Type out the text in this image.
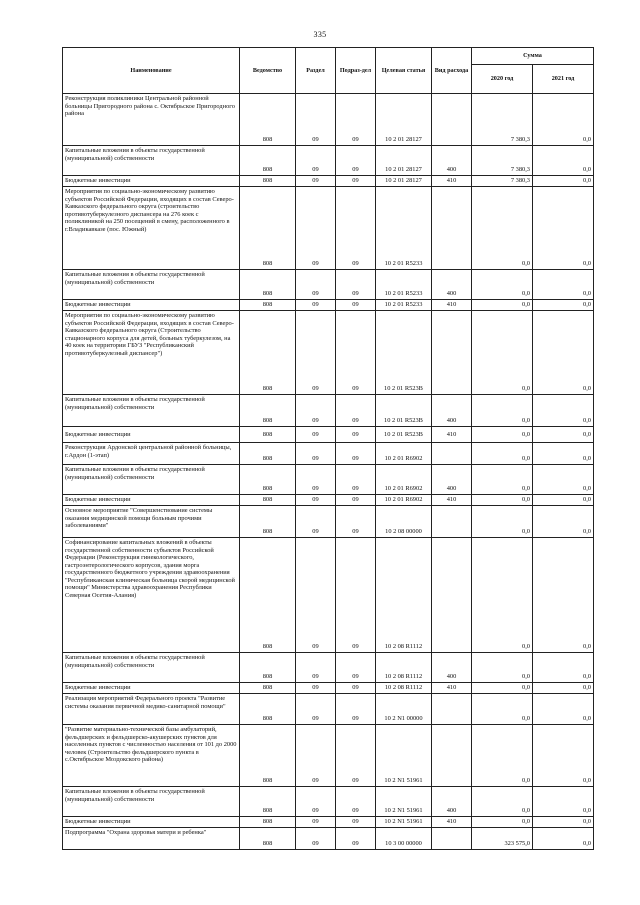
335
Наименование	Ведомство	Раздел	Подраз-дел	Целевая статья	Вид расхода	Сумма	
						2020 год	2021 год
Реконструкция поликлиники Центральной районной больницы Пригородного района с. Октябрьское Пригородного района	808	09	09	10 2 01 28127		7 380,3	0,0
Капитальные вложения в объекты государственной (муниципальной) собственности	808	09	09	10 2 01 28127	400	7 380,3	0,0
Бюджетные инвестиции	808	09	09	10 2 01 28127	410	7 380,3	0,0
Мероприятия по социально-экономическому развитию субъектов Российской Федерации, входящих в состав Северо-Кавказского федерального округа (строительство противотуберкулезного диспансера на 276 коек с поликлиникой на 250 посещений в смену, расположенного в г.Владикавказе (пос. Южный)	808	09	09	10 2 01 R5233		0,0	0,0
Капитальные вложения в объекты государственной (муниципальной) собственности	808	09	09	10 2 01 R5233	400	0,0	0,0
Бюджетные инвестиции	808	09	09	10 2 01 R5233	410	0,0	0,0
Мероприятия по социально-экономическому развитию субъектов Российской Федерации, входящих в состав Северо-Кавказского федерального округа (Строительство стационарного корпуса для детей, больных туберкулезом, на 40 коек на территории ГБУЗ "Республиканский противотуберкулезный диспансер")	808	09	09	10 2 01 R523В		0,0	0,0
Капитальные вложения в объекты государственной (муниципальной) собственности	808	09	09	10 2 01 R523В	400	0,0	0,0
Бюджетные инвестиции	808	09	09	10 2 01 R523В	410	0,0	0,0
Реконструкция Ардонской центральной районной больницы, г.Ардон (1-этап)	808	09	09	10 2 01 R6902		0,0	0,0
Капитальные вложения в объекты государственной (муниципальной) собственности	808	09	09	10 2 01 R6902	400	0,0	0,0
Бюджетные инвестиции	808	09	09	10 2 01 R6902	410	0,0	0,0
Основное мероприятие "Совершенствование системы оказания медицинской помощи больным прочими заболеваниями"	808	09	09	10 2 08 00000		0,0	0,0
Софинансирование капитальных вложений в объекты государственной собственности субъектов Российской Федерации (Реконструкция гинекологического, гастроэнтерологического корпусов, здания морга государственного бюджетного учреждения здравоохранения "Республиканская клиническая больница скорой медицинской помощи" Министерства здравоохранения Республики Северная Осетия-Алания)	808	09	09	10 2 08 R1112		0,0	0,0
Капитальные вложения в объекты государственной (муниципальной) собственности	808	09	09	10 2 08 R1112	400	0,0	0,0
Бюджетные инвестиции	808	09	09	10 2 08 R1112	410	0,0	0,0
Реализация мероприятий Федерального проекта "Развитие системы оказания первичной медико-санитарной помощи"	808	09	09	10 2 N1 00000		0,0	0,0
"Развитие материально-технической базы амбулаторий, фельдшерских и фельдшерско-акушерских пунктов для населенных пунктов с численностью населения от 101 до 2000 человек (Строительство фельдшерского пункта в с.Октябрьское Моздокского района)	808	09	09	10 2 N1 51961		0,0	0,0
Капитальные вложения в объекты государственной (муниципальной) собственности	808	09	09	10 2 N1 51961	400	0,0	0,0
Бюджетные инвестиции	808	09	09	10 2 N1 51961	410	0,0	0,0
Подпрограмма "Охрана здоровья матери и ребенка"	808	09	09	10 3 00 00000		323 575,0	0,0
